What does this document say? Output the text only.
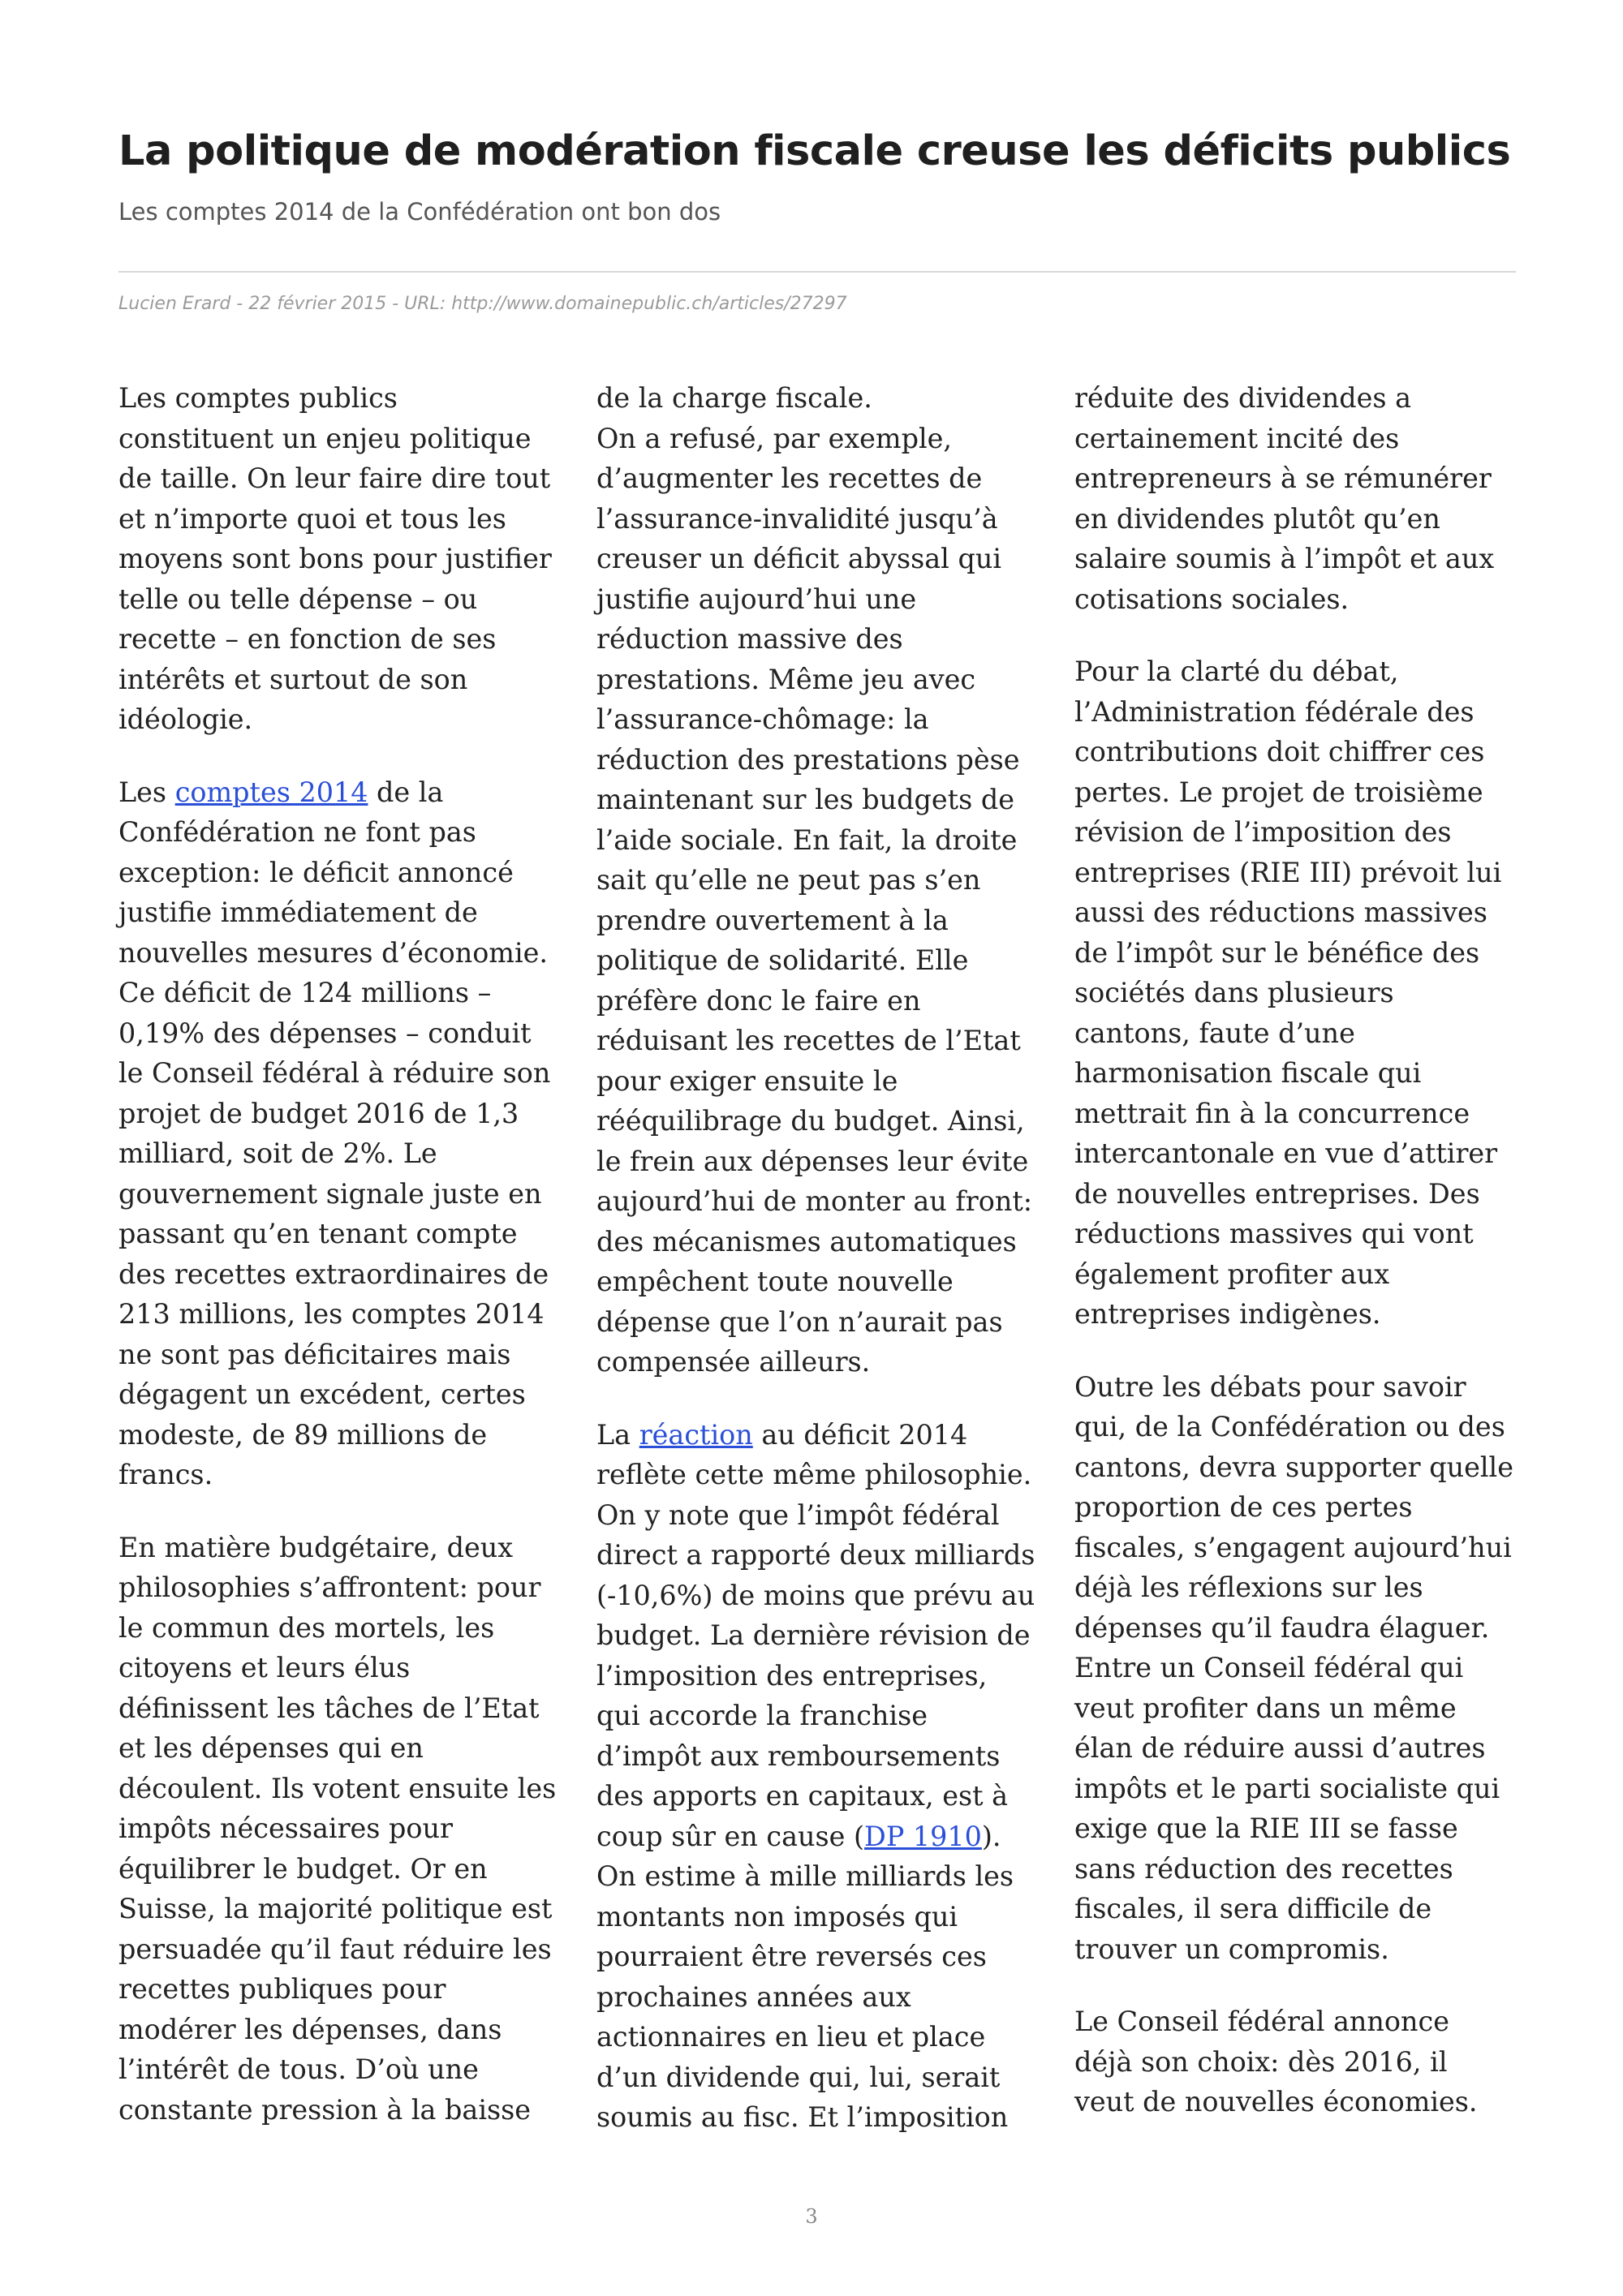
La politique de modération fiscale creuse les déficits publics
Les comptes 2014 de la Confédération ont bon dos
Lucien Erard - 22 février 2015 - URL: http://www.domainepublic.ch/articles/27297

Les comptes publics
constituent un enjeu politique
de taille. On leur faire dire tout
et n’importe quoi et tous les
moyens sont bons pour justifier
telle ou telle dépense – ou
recette – en fonction de ses
intérêts et surtout de son
idéologie.

Les comptes 2014 de la
Confédération ne font pas
exception: le déficit annoncé
justifie immédiatement de
nouvelles mesures d’économie.
Ce déficit de 124 millions –
0,19% des dépenses – conduit
le Conseil fédéral à réduire son
projet de budget 2016 de 1,3
milliard, soit de 2%. Le
gouvernement signale juste en
passant qu’en tenant compte
des recettes extraordinaires de
213 millions, les comptes 2014
ne sont pas déficitaires mais
dégagent un excédent, certes
modeste, de 89 millions de
francs.

En matière budgétaire, deux
philosophies s’affrontent: pour
le commun des mortels, les
citoyens et leurs élus
définissent les tâches de l’Etat
et les dépenses qui en
découlent. Ils votent ensuite les
impôts nécessaires pour
équilibrer le budget. Or en
Suisse, la majorité politique est
persuadée qu’il faut réduire les
recettes publiques pour
modérer les dépenses, dans
l’intérêt de tous. D’où une
constante pression à la baisse

de la charge fiscale.
On a refusé, par exemple,
d’augmenter les recettes de
l’assurance-invalidité jusqu’à
creuser un déficit abyssal qui
justifie aujourd’hui une
réduction massive des
prestations. Même jeu avec
l’assurance-chômage: la
réduction des prestations pèse
maintenant sur les budgets de
l’aide sociale. En fait, la droite
sait qu’elle ne peut pas s’en
prendre ouvertement à la
politique de solidarité. Elle
préfère donc le faire en
réduisant les recettes de l’Etat
pour exiger ensuite le
rééquilibrage du budget. Ainsi,
le frein aux dépenses leur évite
aujourd’hui de monter au front:
des mécanismes automatiques
empêchent toute nouvelle
dépense que l’on n’aurait pas
compensée ailleurs.

La réaction au déficit 2014
reflète cette même philosophie.
On y note que l’impôt fédéral
direct a rapporté deux milliards
(-10,6%) de moins que prévu au
budget. La dernière révision de
l’imposition des entreprises,
qui accorde la franchise
d’impôt aux remboursements
des apports en capitaux, est à
coup sûr en cause (DP 1910).
On estime à mille milliards les
montants non imposés qui
pourraient être reversés ces
prochaines années aux
actionnaires en lieu et place
d’un dividende qui, lui, serait
soumis au fisc. Et l’imposition

réduite des dividendes a
certainement incité des
entrepreneurs à se rémunérer
en dividendes plutôt qu’en
salaire soumis à l’impôt et aux
cotisations sociales.

Pour la clarté du débat,
l’Administration fédérale des
contributions doit chiffrer ces
pertes. Le projet de troisième
révision de l’imposition des
entreprises (RIE III) prévoit lui
aussi des réductions massives
de l’impôt sur le bénéfice des
sociétés dans plusieurs
cantons, faute d’une
harmonisation fiscale qui
mettrait fin à la concurrence
intercantonale en vue d’attirer
de nouvelles entreprises. Des
réductions massives qui vont
également profiter aux
entreprises indigènes.

Outre les débats pour savoir
qui, de la Confédération ou des
cantons, devra supporter quelle
proportion de ces pertes
fiscales, s’engagent aujourd’hui
déjà les réflexions sur les
dépenses qu’il faudra élaguer.
Entre un Conseil fédéral qui
veut profiter dans un même
élan de réduire aussi d’autres
impôts et le parti socialiste qui
exige que la RIE III se fasse
sans réduction des recettes
fiscales, il sera difficile de
trouver un compromis.

Le Conseil fédéral annonce
déjà son choix: dès 2016, il
veut de nouvelles économies.

3
